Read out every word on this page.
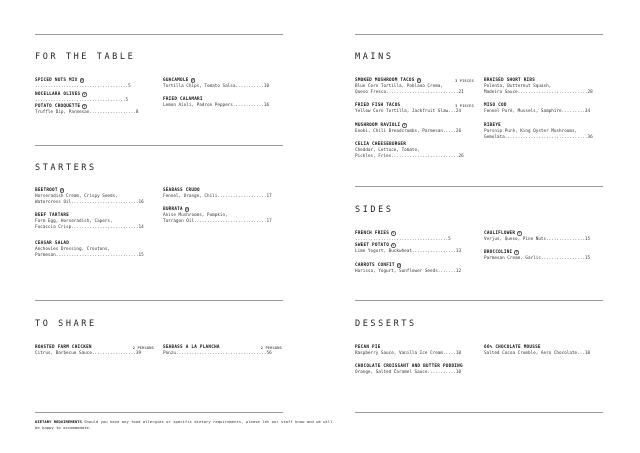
FOR THE TABLE
SPICED NUTS MIX V
....................................5
NOCELLARA OLIVES V
...................................5
POTATO CROQUETTE V
Truffle Dip, Parmesan..................8
GUACAMOLE V
Tortilla Chips, Tomato Salsa...........10
FRIED CALAMARI
Lemon Aioli, Padron Peppers............16
STARTERS
BEETROOT V
Horseradish Cream, Crispy Seeds,
Watercress Oil..........................16
BEEF TARTARE
Farm Egg, Horseradish, Capers,
Focaccia Crisp..........................14
CEASAR SALAD
Anchovies Dressing, Croutons,
Parmesan................................15
SEABASS CRUDO
Fennel, Orange, Chili...................17
BURRATA V
Anise Mushrooms, Pumpkin,
Tarragon Oil............................17
TO SHARE
ROASTED FARM CHICKEN	2 PERSONS
Citrus, Barbecue Sauce.................39
SEABASS A LA PLANCHA	2 PERSONS
Ponzu...................................56
DIETARY REQUIREMENTS Should you have any food allergies or specific dietary requirements, please let our staff know and we will be happy to accommodate.
MAINS
SMOKED MUSHROOM TACOS V	3 PIECES
Blue Corn Tortilla, Poblano Crema,
Queso Fresco............................21
FRIED FISH TACOS	3 PIECES
Yellow Corn Tortilla, Jackfruit Slaw...24
MUSHROOM RAVIOLI V
Enoki, Chili Breadcrumbs, Parmesan.....26
CELIA CHEESEBURGER
Cheddar, Lettuce, Tomato,
Pickles, Fries..........................26
BRAISED SHORT RIBS
Polenta, Butternut Squash,
Madeira Sauce...........................28
MISO COD
Fennel Purè, Mussels, Samphire.........34
RIBEYE
Parsnip Purè, King Oyster Mushrooms,
Gemolata................................36
SIDES
FRENCH FRIES V
....................................5
SWEET POTATO V
Lime Yogurt, Buckwheat.................13
CARROTS CONFIT V
Harissa, Yogurt, Sunflower Seeds.......12
CAULIFLOWER V
Verjus, Queso, Pine Nuts...............15
BROCCOLINI V
Parmesan Cream, Garlic.................15
DESSERTS
PECAN PIE
Raspberry Sauce, Vanilla Ice Cream.....10
CHOCOLATE CROISSANT AND BUTTER PUDDING
Orange, Salted Caramel Sauce...........10
66% CHOCOLATE MOUSSE
Salted Cocoa Crumble, Aero Chocolate...10
